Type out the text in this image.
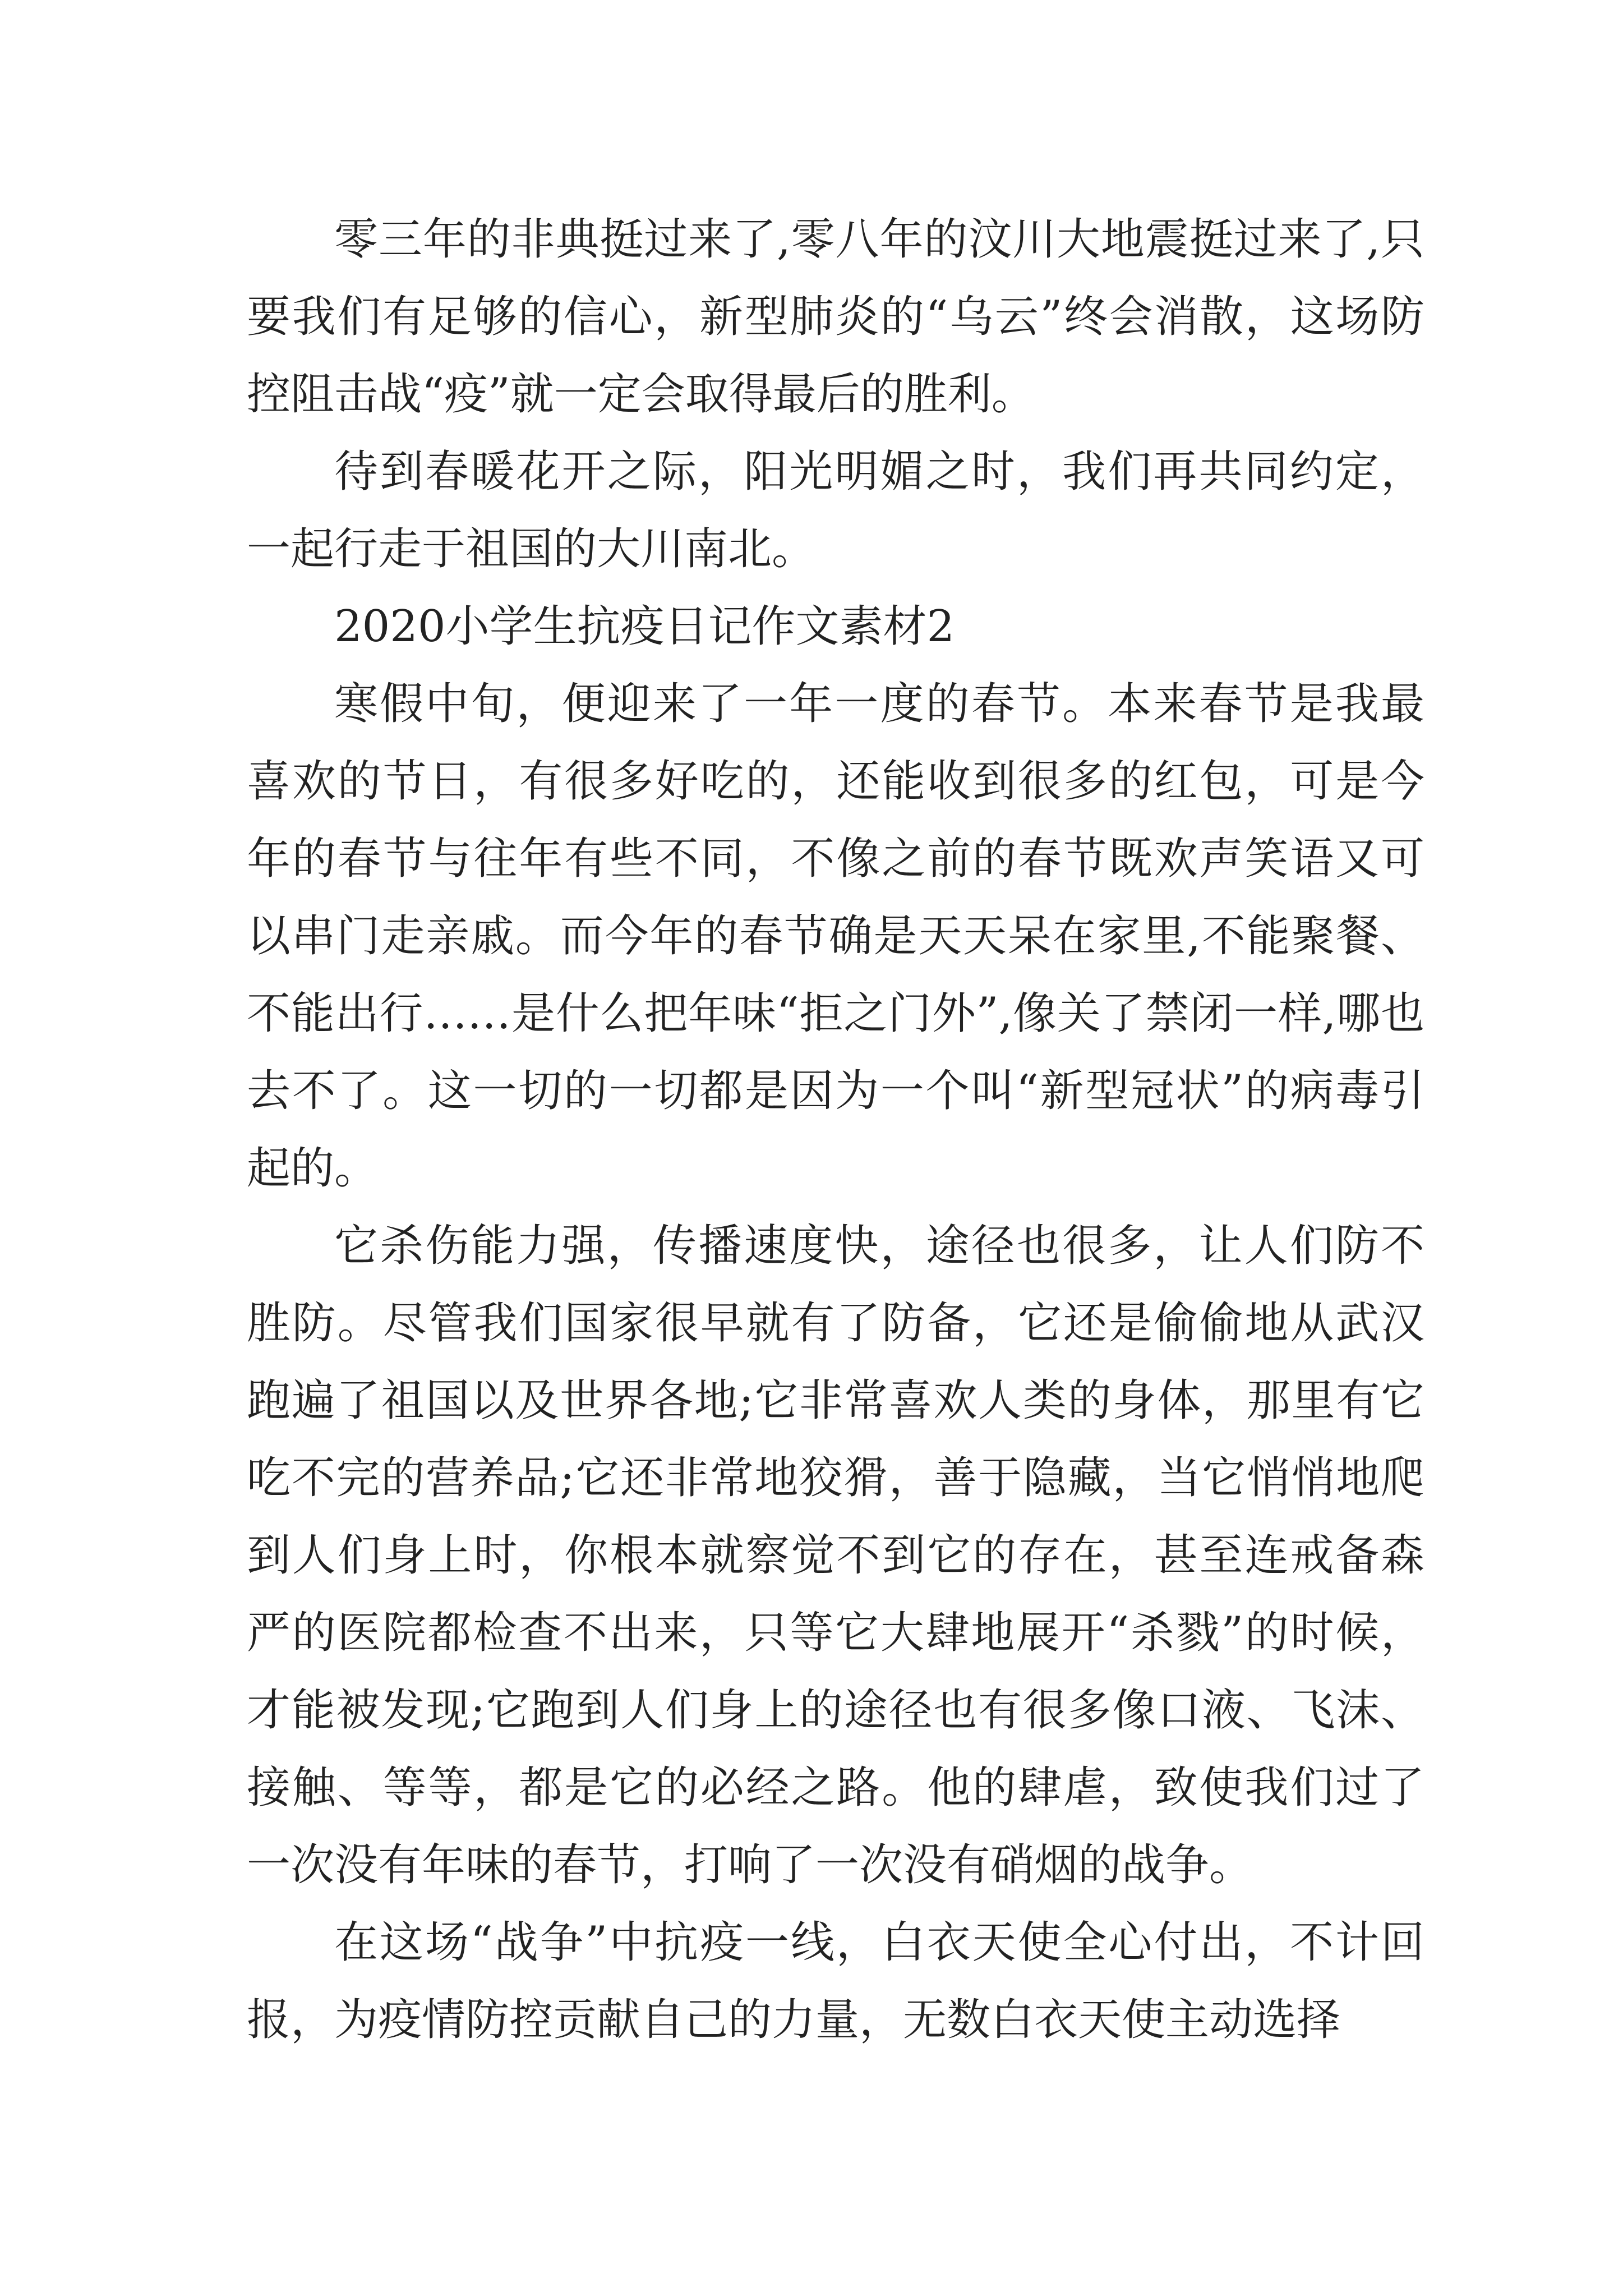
零三年的非典挺过来了,零八年的汶川大地震挺过来了,只要我们有足够的信心，新型肺炎的“乌云”终会消散，这场防控阻击战“疫”就一定会取得最后的胜利。

待到春暖花开之际，阳光明媚之时，我们再共同约定，一起行走于祖国的大川南北。

2020小学生抗疫日记作文素材2

寒假中旬，便迎来了一年一度的春节。本来春节是我最喜欢的节日，有很多好吃的，还能收到很多的红包，可是今年的春节与往年有些不同，不像之前的春节既欢声笑语又可以串门走亲戚。而今年的春节确是天天呆在家里,不能聚餐、不能出行……是什么把年味“拒之门外”,像关了禁闭一样,哪也去不了。这一切的一切都是因为一个叫“新型冠状”的病毒引起的。

它杀伤能力强，传播速度快，途径也很多，让人们防不胜防。尽管我们国家很早就有了防备，它还是偷偷地从武汉跑遍了祖国以及世界各地;它非常喜欢人类的身体，那里有它吃不完的营养品;它还非常地狡猾，善于隐藏，当它悄悄地爬到人们身上时，你根本就察觉不到它的存在，甚至连戒备森严的医院都检查不出来，只等它大肆地展开“杀戮”的时候，才能被发现;它跑到人们身上的途径也有很多像口液、飞沫、接触、等等，都是它的必经之路。他的肆虐，致使我们过了一次没有年味的春节，打响了一次没有硝烟的战争。

在这场“战争”中抗疫一线，白衣天使全心付出，不计回报，为疫情防控贡献自己的力量，无数白衣天使主动选择
